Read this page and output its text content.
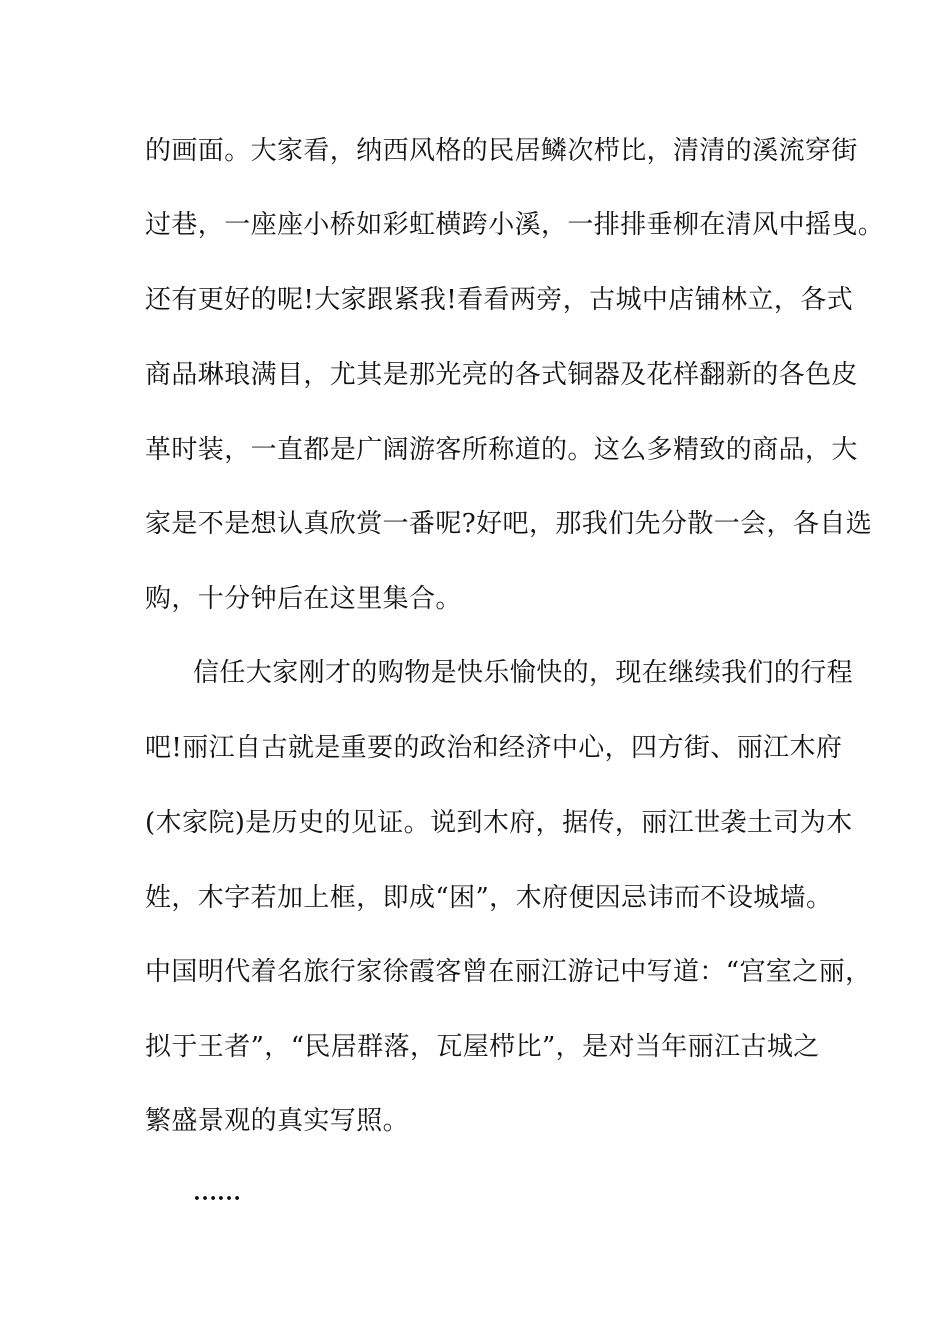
的画面。大家看，纳西风格的民居鳞次栉比，清清的溪流穿街
过巷，一座座小桥如彩虹横跨小溪，一排排垂柳在清风中摇曳。
还有更好的呢!大家跟紧我!看看两旁，古城中店铺林立，各式
商品琳琅满目，尤其是那光亮的各式铜器及花样翻新的各色皮
革时装，一直都是广阔游客所称道的。这么多精致的商品，大
家是不是想认真欣赏一番呢?好吧，那我们先分散一会，各自选
购，十分钟后在这里集合。
信任大家刚才的购物是快乐愉快的，现在继续我们的行程
吧!丽江自古就是重要的政治和经济中心，四方街、丽江木府
(木家院)是历史的见证。说到木府，据传，丽江世袭土司为木
姓，木字若加上框，即成“困”，木府便因忌讳而不设城墙。
中国明代着名旅行家徐霞客曾在丽江游记中写道：“宫室之丽，
拟于王者”，“民居群落，瓦屋栉比”，是对当年丽江古城之
繁盛景观的真实写照。
……
